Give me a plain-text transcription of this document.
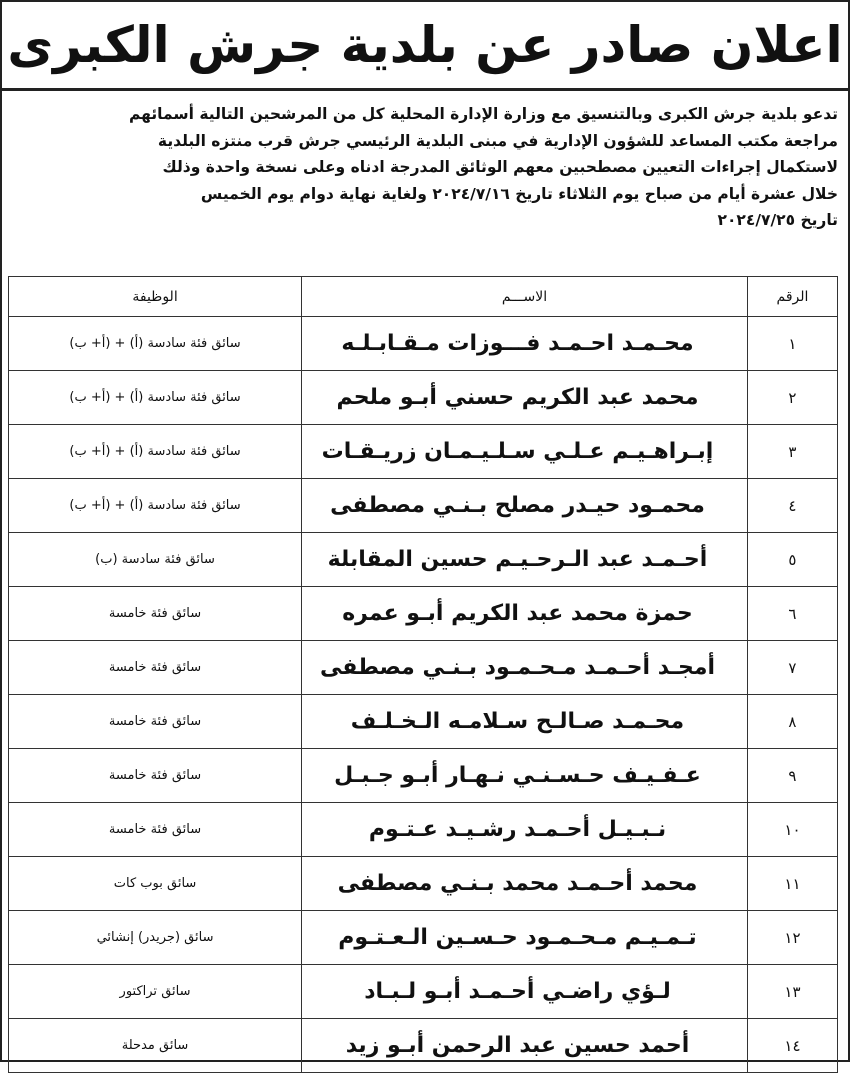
اعلان صادر عن بلدية جرش الكبرى

تدعو بلدية جرش الكبرى وبالتنسيق مع وزارة الإدارة المحلية كل من المرشحين التالية أسمائهم

مراجعة مكتب المساعد للشؤون الإدارية في مبنى البلدية الرئيسي جرش قرب منتزه البلدية

لاستكمال إجراءات التعيين مصطحبين معهم الوثائق المدرجة ادناه وعلى نسخة واحدة وذلك

خلال عشرة أيام من صباح يوم الثلاثاء تاريخ ٢٠٢٤/٧/١٦ ولغاية نهاية دوام يوم الخميس

تاريخ ٢٠٢٤/٧/٢٥

الرقم	الاســـم	الوظيفة
١	محـمـد احـمـد فـــوزات مـقـابـلـه	سائق فئة سادسة (أ) + (أ+ ب)
٢	محمد عبد الكريم حسني أبـو ملحم	سائق فئة سادسة (أ) + (أ+ ب)
٣	إبـراهـيـم عـلـي سـلـيـمـان زريـقـات	سائق فئة سادسة (أ) + (أ+ ب)
٤	محمـود حيـدر مصلح بـنـي مصطفى	سائق فئة سادسة (أ) + (أ+ ب)
٥	أحـمـد عبد الـرحـيـم حسين المقابلة	سائق فئة سادسة (ب)
٦	حمزة محمد عبد الكريم أبـو عمره	سائق فئة خامسة
٧	أمجـد أحـمـد مـحـمـود بـنـي مصطفى	سائق فئة خامسة
٨	محـمـد صـالـح سـلامـه الـخـلـف	سائق فئة خامسة
٩	عـفـيـف حـسـنـي نـهـار أبـو جـبـل	سائق فئة خامسة
١٠	نـبـيـل أحـمـد رشـيـد عـتـوم	سائق فئة خامسة
١١	محمد أحـمـد محمد بـنـي مصطفى	سائق بوب كات
١٢	تـمـيـم مـحـمـود حـسـين الـعـتـوم	سائق (جريدر) إنشائي
١٣	لـؤي راضـي أحـمـد أبـو لـبـاد	سائق تراكتور
١٤	أحمد حسين عبد الرحمن أبـو زيد	سائق مدحلة
